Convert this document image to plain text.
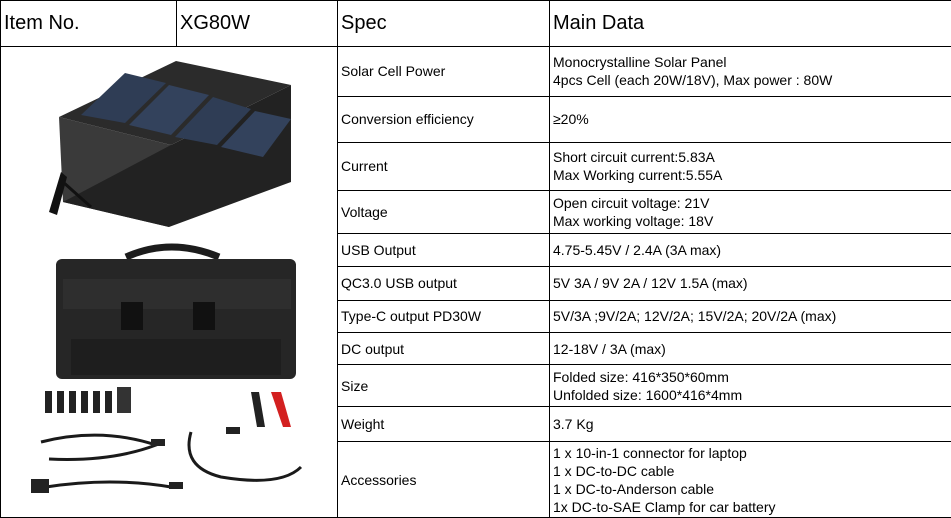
Item No.	XG80W	Spec	Main Data

	Solar Cell Power	Monocrystalline Solar Panel
4pcs Cell (each 20W/18V), Max power : 80W

		Conversion efficiency	≥20%

		Current	Short circuit current:5.83A
Max Working current:5.55A

		Voltage	Open circuit voltage: 21V
Max working voltage: 18V

		USB Output	4.75-5.45V / 2.4A (3A max)

		QC3.0 USB output	5V 3A / 9V 2A / 12V 1.5A (max)

		Type-C output PD30W	5V/3A ;9V/2A; 12V/2A; 15V/2A; 20V/2A (max)

		DC output	12-18V / 3A (max)

		Size	Folded size: 416*350*60mm
Unfolded size: 1600*416*4mm

		Weight	3.7 Kg

		Accessories	1 x 10-in-1 connector for laptop
1 x DC-to-DC cable
1 x DC-to-Anderson cable
1x DC-to-SAE Clamp for car battery
